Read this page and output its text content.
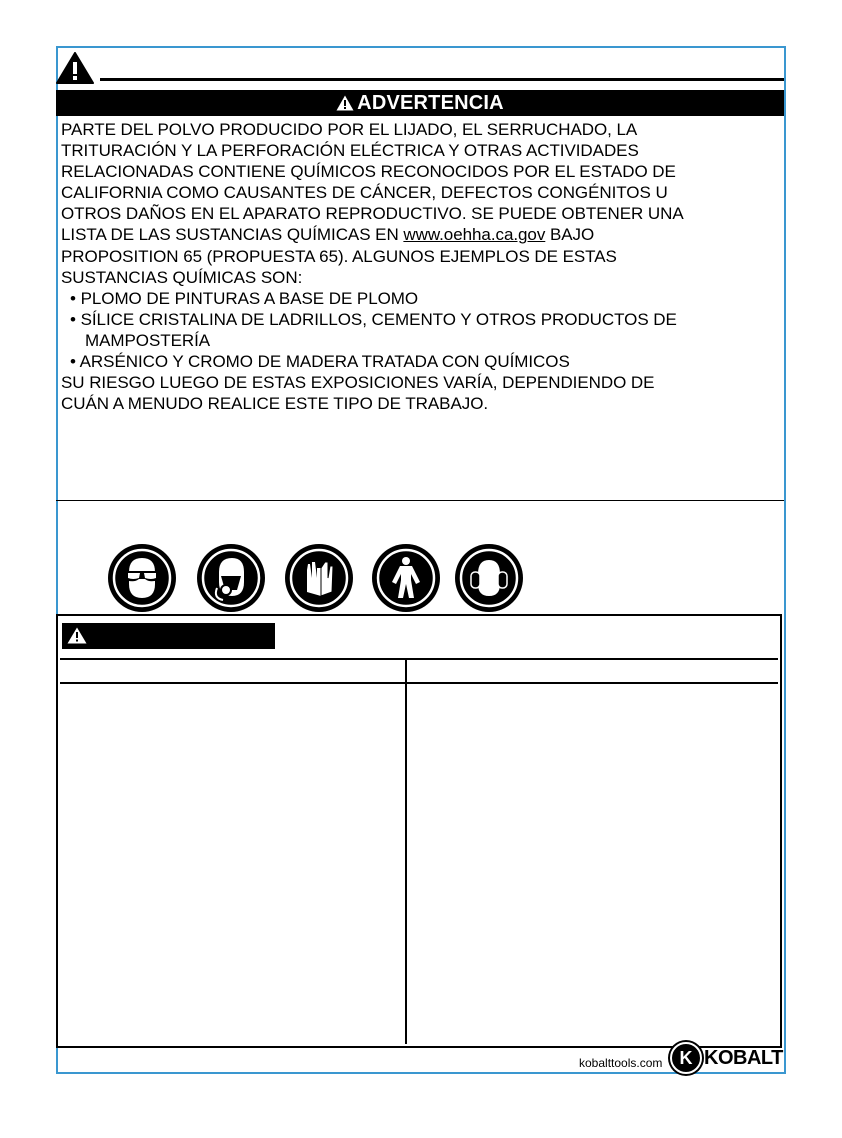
ADVERTENCIA

PARTE DEL POLVO PRODUCIDO POR EL LIJADO, EL SERRUCHADO, LA

TRITURACIÓN Y LA PERFORACIÓN ELÉCTRICA Y OTRAS ACTIVIDADES

RELACIONADAS CONTIENE QUÍMICOS RECONOCIDOS POR EL ESTADO DE

CALIFORNIA COMO CAUSANTES DE CÁNCER, DEFECTOS CONGÉNITOS U

OTROS DAÑOS EN EL APARATO REPRODUCTIVO. SE PUEDE OBTENER UNA

LISTA DE LAS SUSTANCIAS QUÍMICAS EN www.oehha.ca.gov BAJO

PROPOSITION 65 (PROPUESTA 65). ALGUNOS EJEMPLOS DE ESTAS

SUSTANCIAS QUÍMICAS SON:

• PLOMO DE PINTURAS A BASE DE PLOMO

• SÍLICE CRISTALINA DE LADRILLOS, CEMENTO Y OTROS PRODUCTOS DE

MAMPOSTERÍA

• ARSÉNICO Y CROMO DE MADERA TRATADA CON QUÍMICOS

SU RIESGO LUEGO DE ESTAS EXPOSICIONES VARÍA, DEPENDIENDO DE

CUÁN A MENUDO REALICE ESTE TIPO DE TRABAJO.

kobalttools.com K KOBALT
